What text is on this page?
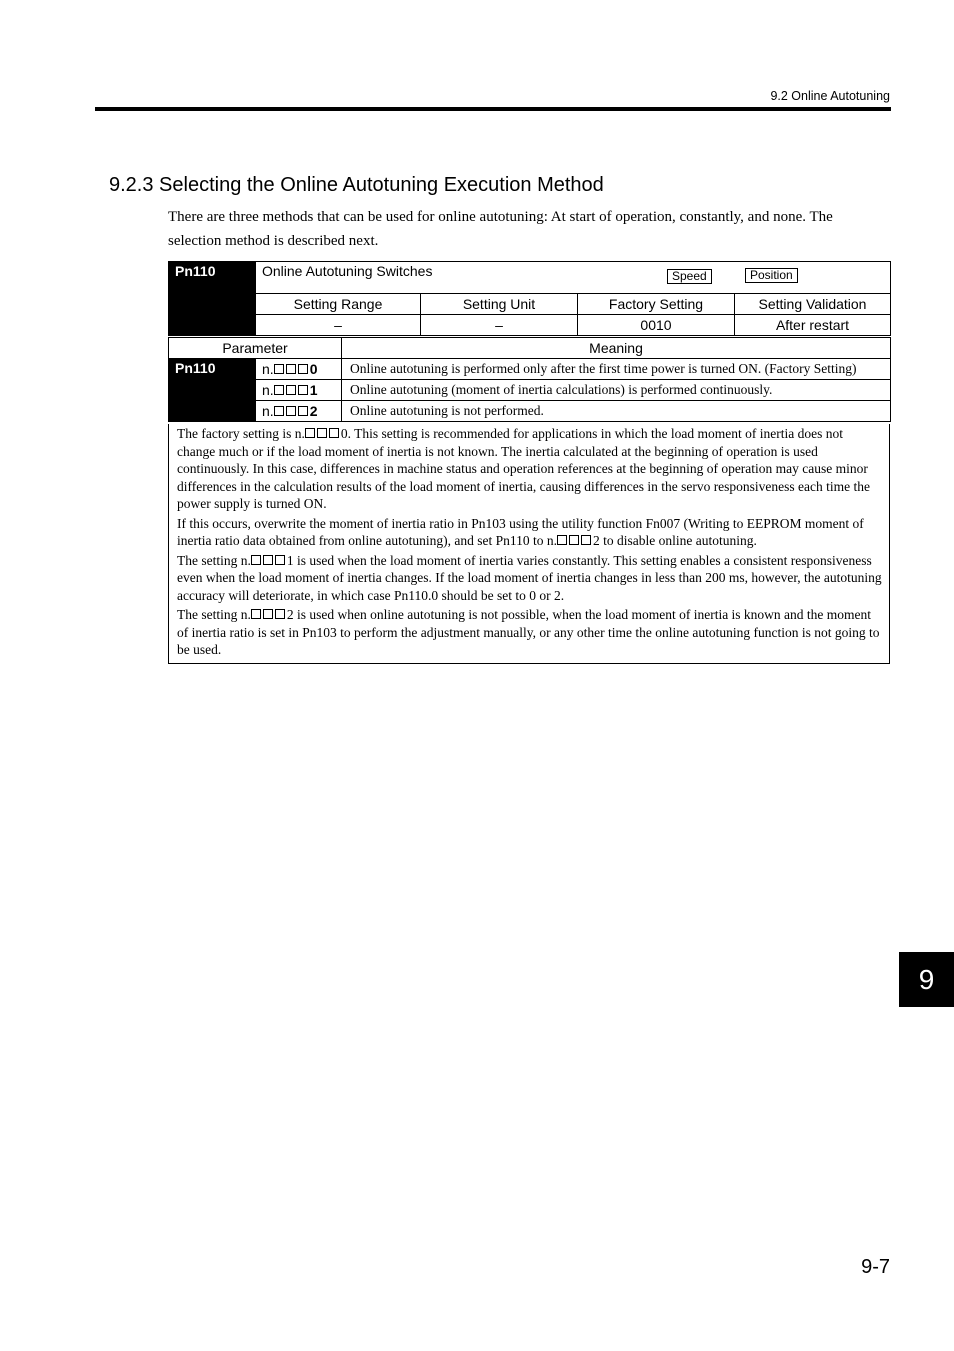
9.2 Online Autotuning
9.2.3 Selecting the Online Autotuning Execution Method
There are three methods that can be used for online autotuning: At start of operation, constantly, and none. The selection method is described next.
Pn110	Online Autotuning Switches Speed Position			

	Setting Range	Setting Unit	Factory Setting	Setting Validation
	–	–	0010	After restart
Parameter		Meaning
Pn110	n. 0	Online autotuning is performed only after the first time power is turned ON. (Factory Setting)
	n. 1	Online autotuning (moment of inertia calculations) is performed continuously.
	n. 2	Online autotuning is not performed.

The factory setting is n.	0. This setting is recommended for applications in which the load moment of inertia does not change much or if the load moment of inertia is not known. The inertia calculated at the beginning of operation is used continuously. In this case, differences in machine status and operation references at the beginning of operation may cause minor differences in the calculation results of the load moment of inertia, causing differences in the servo responsiveness each time the power supply is turned ON.

If this occurs, overwrite the moment of inertia ratio in Pn103 using the utility function Fn007 (Writing to EEPROM moment of inertia ratio data obtained from online autotuning), and set Pn110 to n.	2 to disable online autotuning.

The setting n.	1 is used when the load moment of inertia varies constantly. This setting enables a consistent responsiveness even when the load moment of inertia changes. If the load moment of inertia changes in less than 200 ms, however, the autotuning accuracy will deteriorate, in which case Pn110.0 should be set to 0 or 2.

The setting n.	2 is used when online autotuning is not possible, when the load moment of inertia is known and the moment of inertia ratio is set in Pn103 to perform the adjustment manually, or any other time the online autotuning function is not going to be used.

9
9-7
